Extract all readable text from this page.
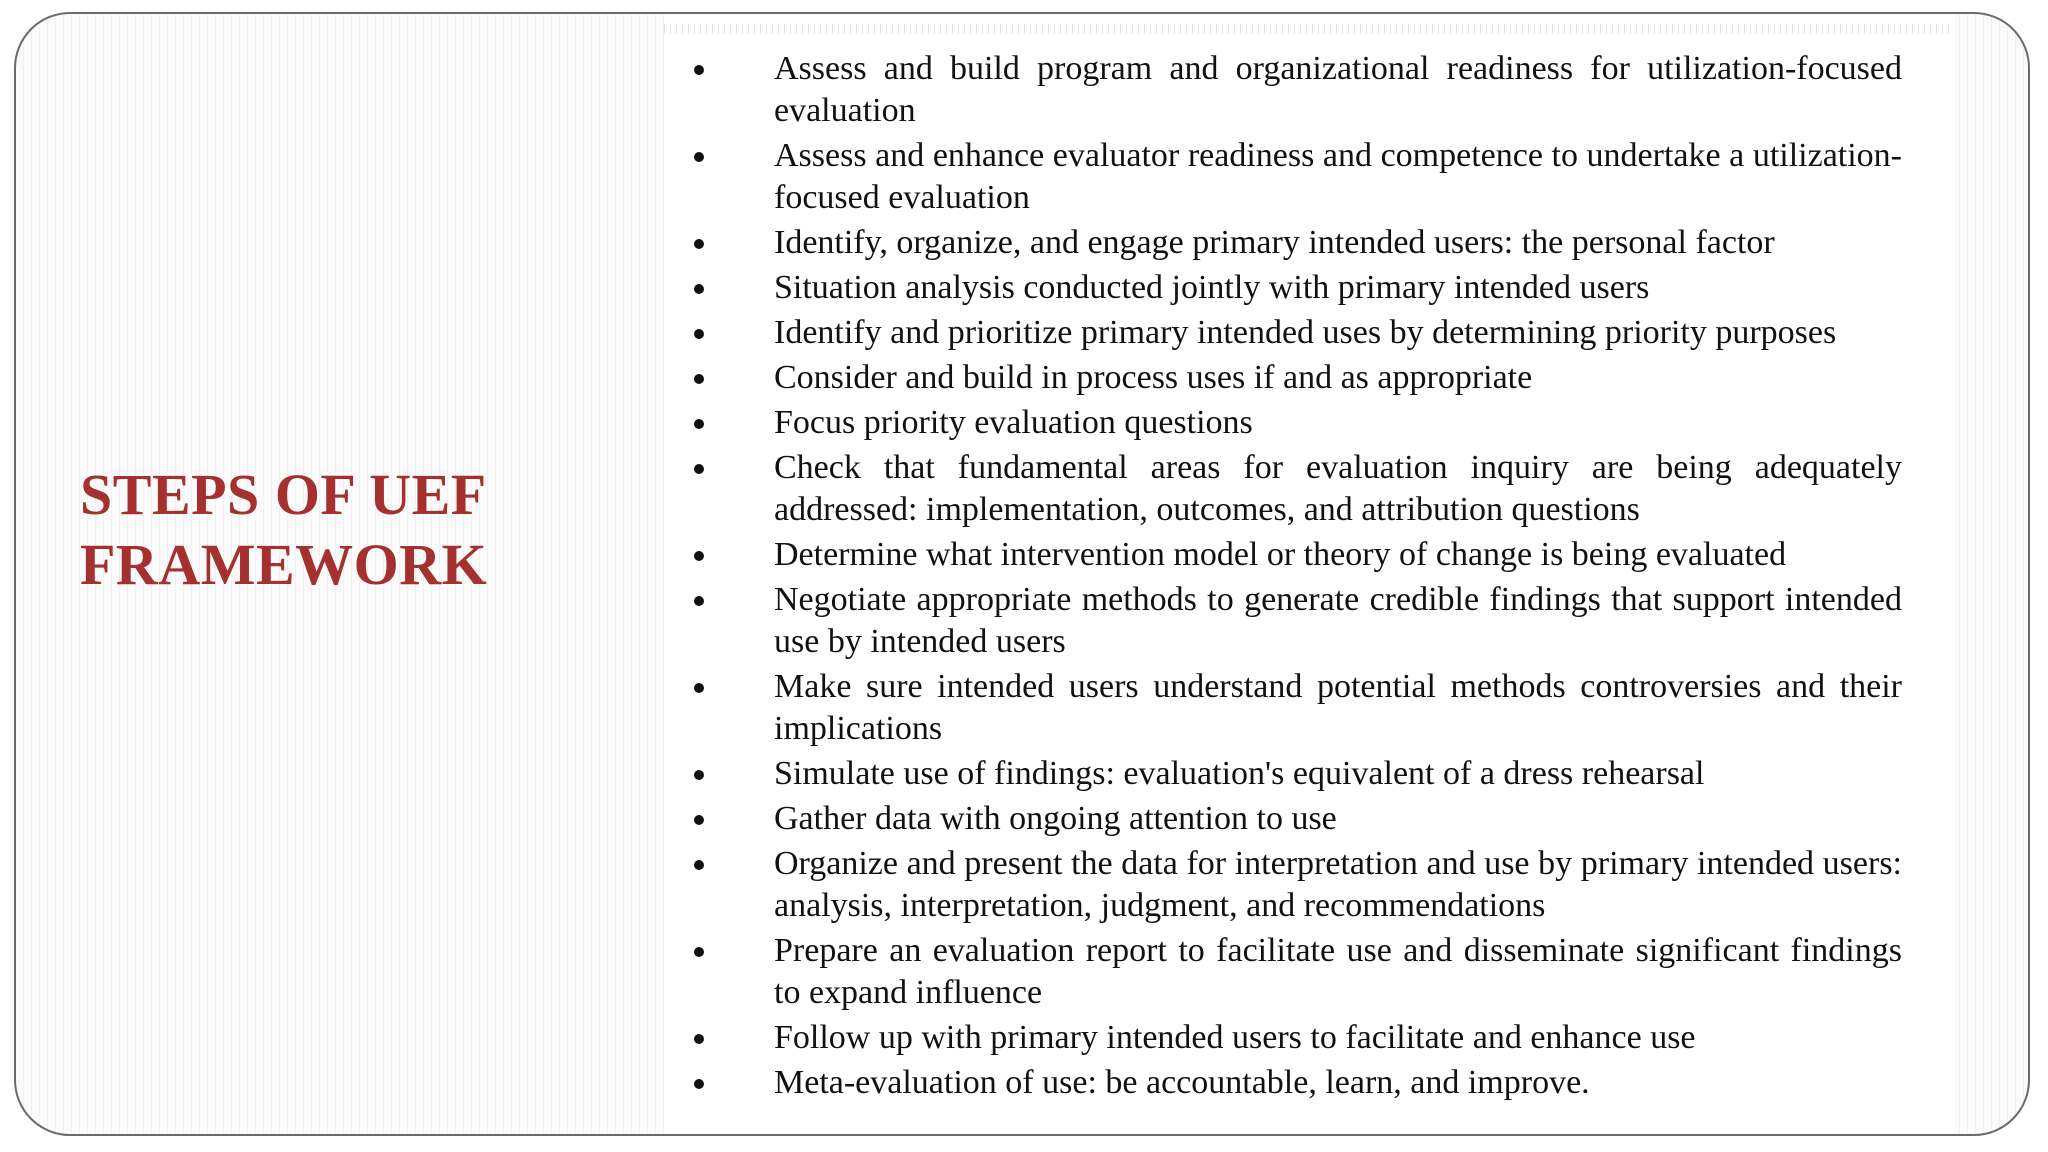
STEPS OF UEF
FRAMEWORK
Assess and build program and organizational readiness for utilization-focused evaluation
Assess and enhance evaluator readiness and competence to undertake a utilization-focused evaluation
Identify, organize, and engage primary intended users: the personal factor
Situation analysis conducted jointly with primary intended users
Identify and prioritize primary intended uses by determining priority purposes
Consider and build in process uses if and as appropriate
Focus priority evaluation questions
Check that fundamental areas for evaluation inquiry are being adequately addressed: implementation, outcomes, and attribution questions
Determine what intervention model or theory of change is being evaluated
Negotiate appropriate methods to generate credible findings that support intended use by intended users
Make sure intended users understand potential methods controversies and their implications
Simulate use of findings: evaluation's equivalent of a dress rehearsal
Gather data with ongoing attention to use
Organize and present the data for interpretation and use by primary intended users: analysis, interpretation, judgment, and recommendations
Prepare an evaluation report to facilitate use and disseminate significant findings to expand influence
Follow up with primary intended users to facilitate and enhance use
Meta-evaluation of use: be accountable, learn, and improve.
